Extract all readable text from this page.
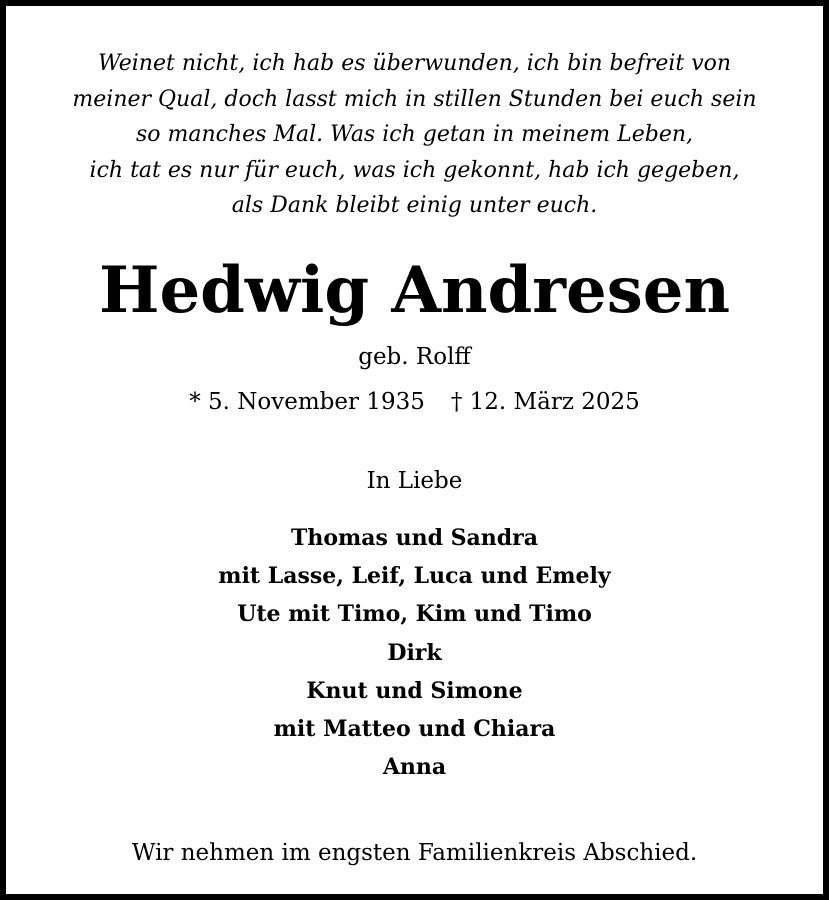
Weinet nicht, ich hab es überwunden, ich bin befreit von
meiner Qual, doch lasst mich in stillen Stunden bei euch sein
so manches Mal. Was ich getan in meinem Leben,
ich tat es nur für euch, was ich gekonnt, hab ich gegeben,
als Dank bleibt einig unter euch.
Hedwig Andresen
geb. Rolff
* 5. November 1935 † 12. März 2025
In Liebe
Thomas und Sandra
mit Lasse, Leif, Luca und Emely
Ute mit Timo, Kim und Timo
Dirk
Knut und Simone
mit Matteo und Chiara
Anna
Wir nehmen im engsten Familienkreis Abschied.
